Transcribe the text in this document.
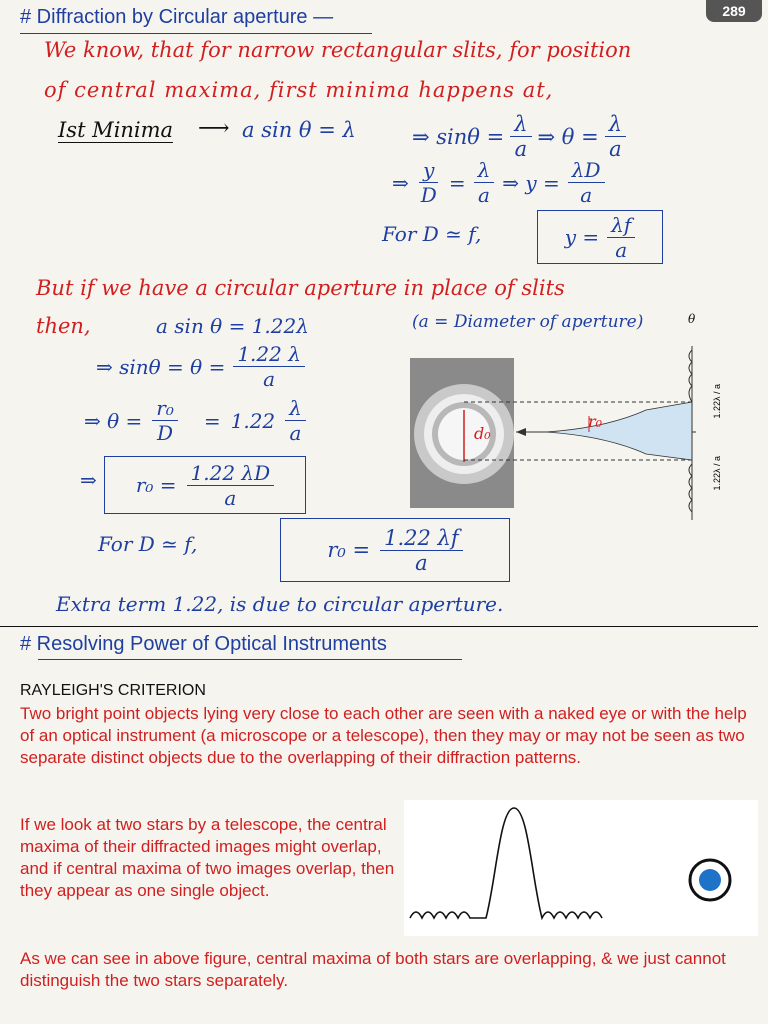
289
# Diffraction by Circular aperture —
We know, that for narrow rectangular slits, for position
of central maxima, first minima happens at,
Ist Minima ⟶ a sin θ = λ	⇒ $\sin\theta = \frac{\lambda}{a}$ ⇒ $\theta = \frac{\lambda}{a}$
⇒ $\frac{y}{D} = \frac{\lambda}{a}$ ⇒ $y = \frac{\lambda D}{a}$
For D ≃ f,	$y = \frac{\lambda f}{a}$
But if we have a circular aperture in place of slits
then,	a sin θ = 1.22λ	(a = Diameter of aperture)
⇒ $\sin\theta = \theta = \frac{1.22 \lambda}{a}$
⇒ $\theta = \frac{\text{r₀}}{D} = 1.22 \frac{\lambda}{a}$
⇒ $r_0 = \frac{1.22 \lambda D}{a}$
For D ≃ f,	$r_0 = \frac{1.22 \lambda f}{a}$
Extra term 1.22, is due to circular aperture.
r₀
d₀
1.22λ / a
1.22λ / a
θ
# Resolving Power of Optical Instruments
RAYLEIGH'S CRITERION
Two bright point objects lying very close to each other are seen with a naked eye or with the help of an optical instrument (a microscope or a telescope), then they may or may not be seen as two separate distinct objects due to the overlapping of their diffraction patterns.
If we look at two stars by a telescope, the central maxima of their diffracted images might overlap, and if central maxima of two images overlap, then they appear as one single object.
As we can see in above figure, central maxima of both stars are overlapping, & we just cannot distinguish the two stars separately.
